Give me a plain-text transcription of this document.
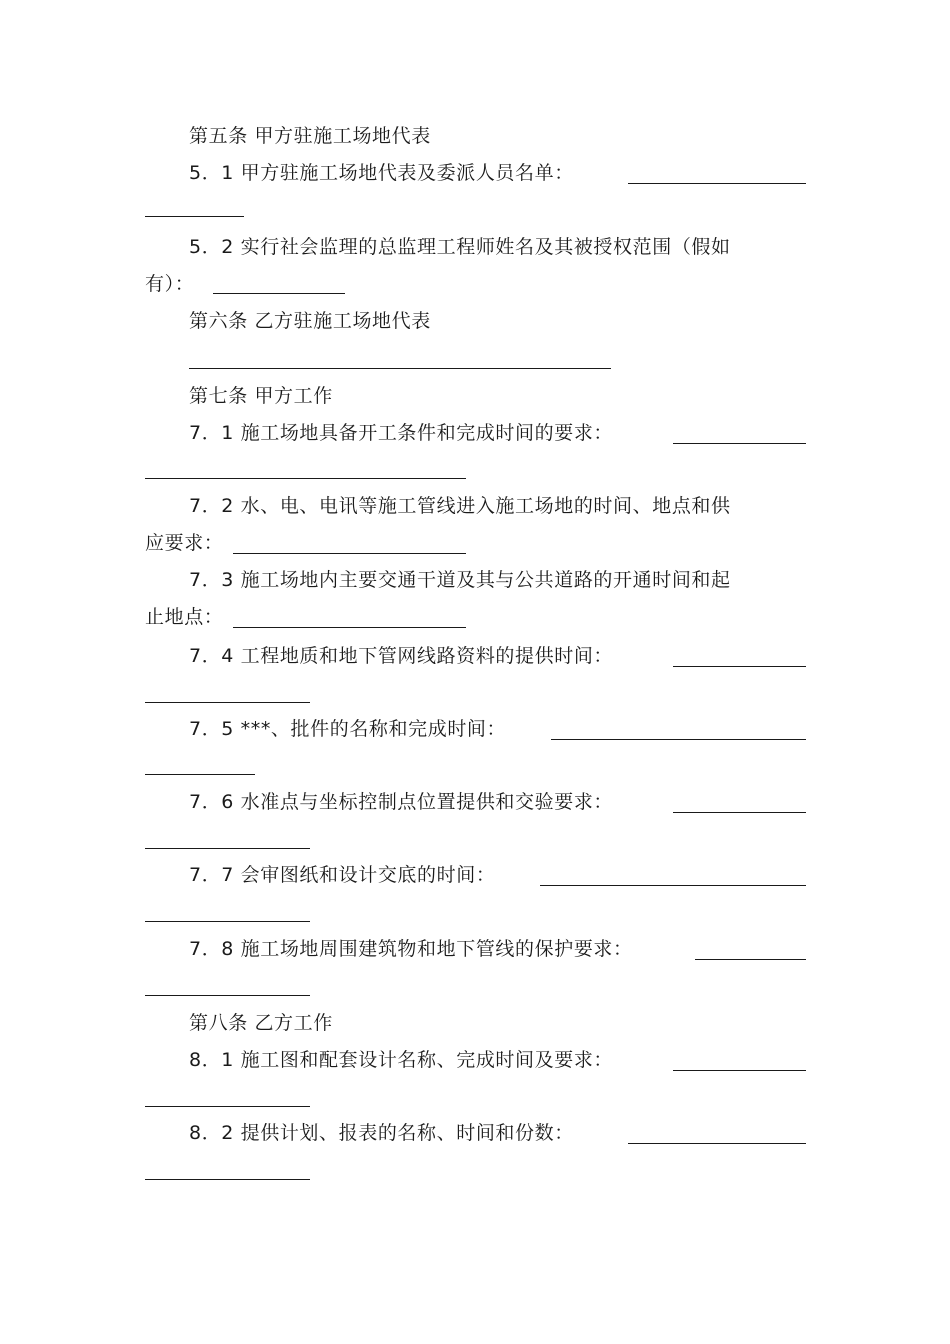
第五条 甲方驻施工场地代表
5．1 甲方驻施工场地代表及委派人员名单：
5．2 实行社会监理的总监理工程师姓名及其被授权范围（假如
有）：
第六条 乙方驻施工场地代表
第七条 甲方工作
7．1 施工场地具备开工条件和完成时间的要求：
7．2 水、电、电讯等施工管线进入施工场地的时间、地点和供
应要求：
7．3 施工场地内主要交通干道及其与公共道路的开通时间和起
止地点：
7．4 工程地质和地下管网线路资料的提供时间：
7．5 ***、批件的名称和完成时间：
7．6 水准点与坐标控制点位置提供和交验要求：
7．7 会审图纸和设计交底的时间：
7．8 施工场地周围建筑物和地下管线的保护要求：
第八条 乙方工作
8．1 施工图和配套设计名称、完成时间及要求：
8．2 提供计划、报表的名称、时间和份数：
